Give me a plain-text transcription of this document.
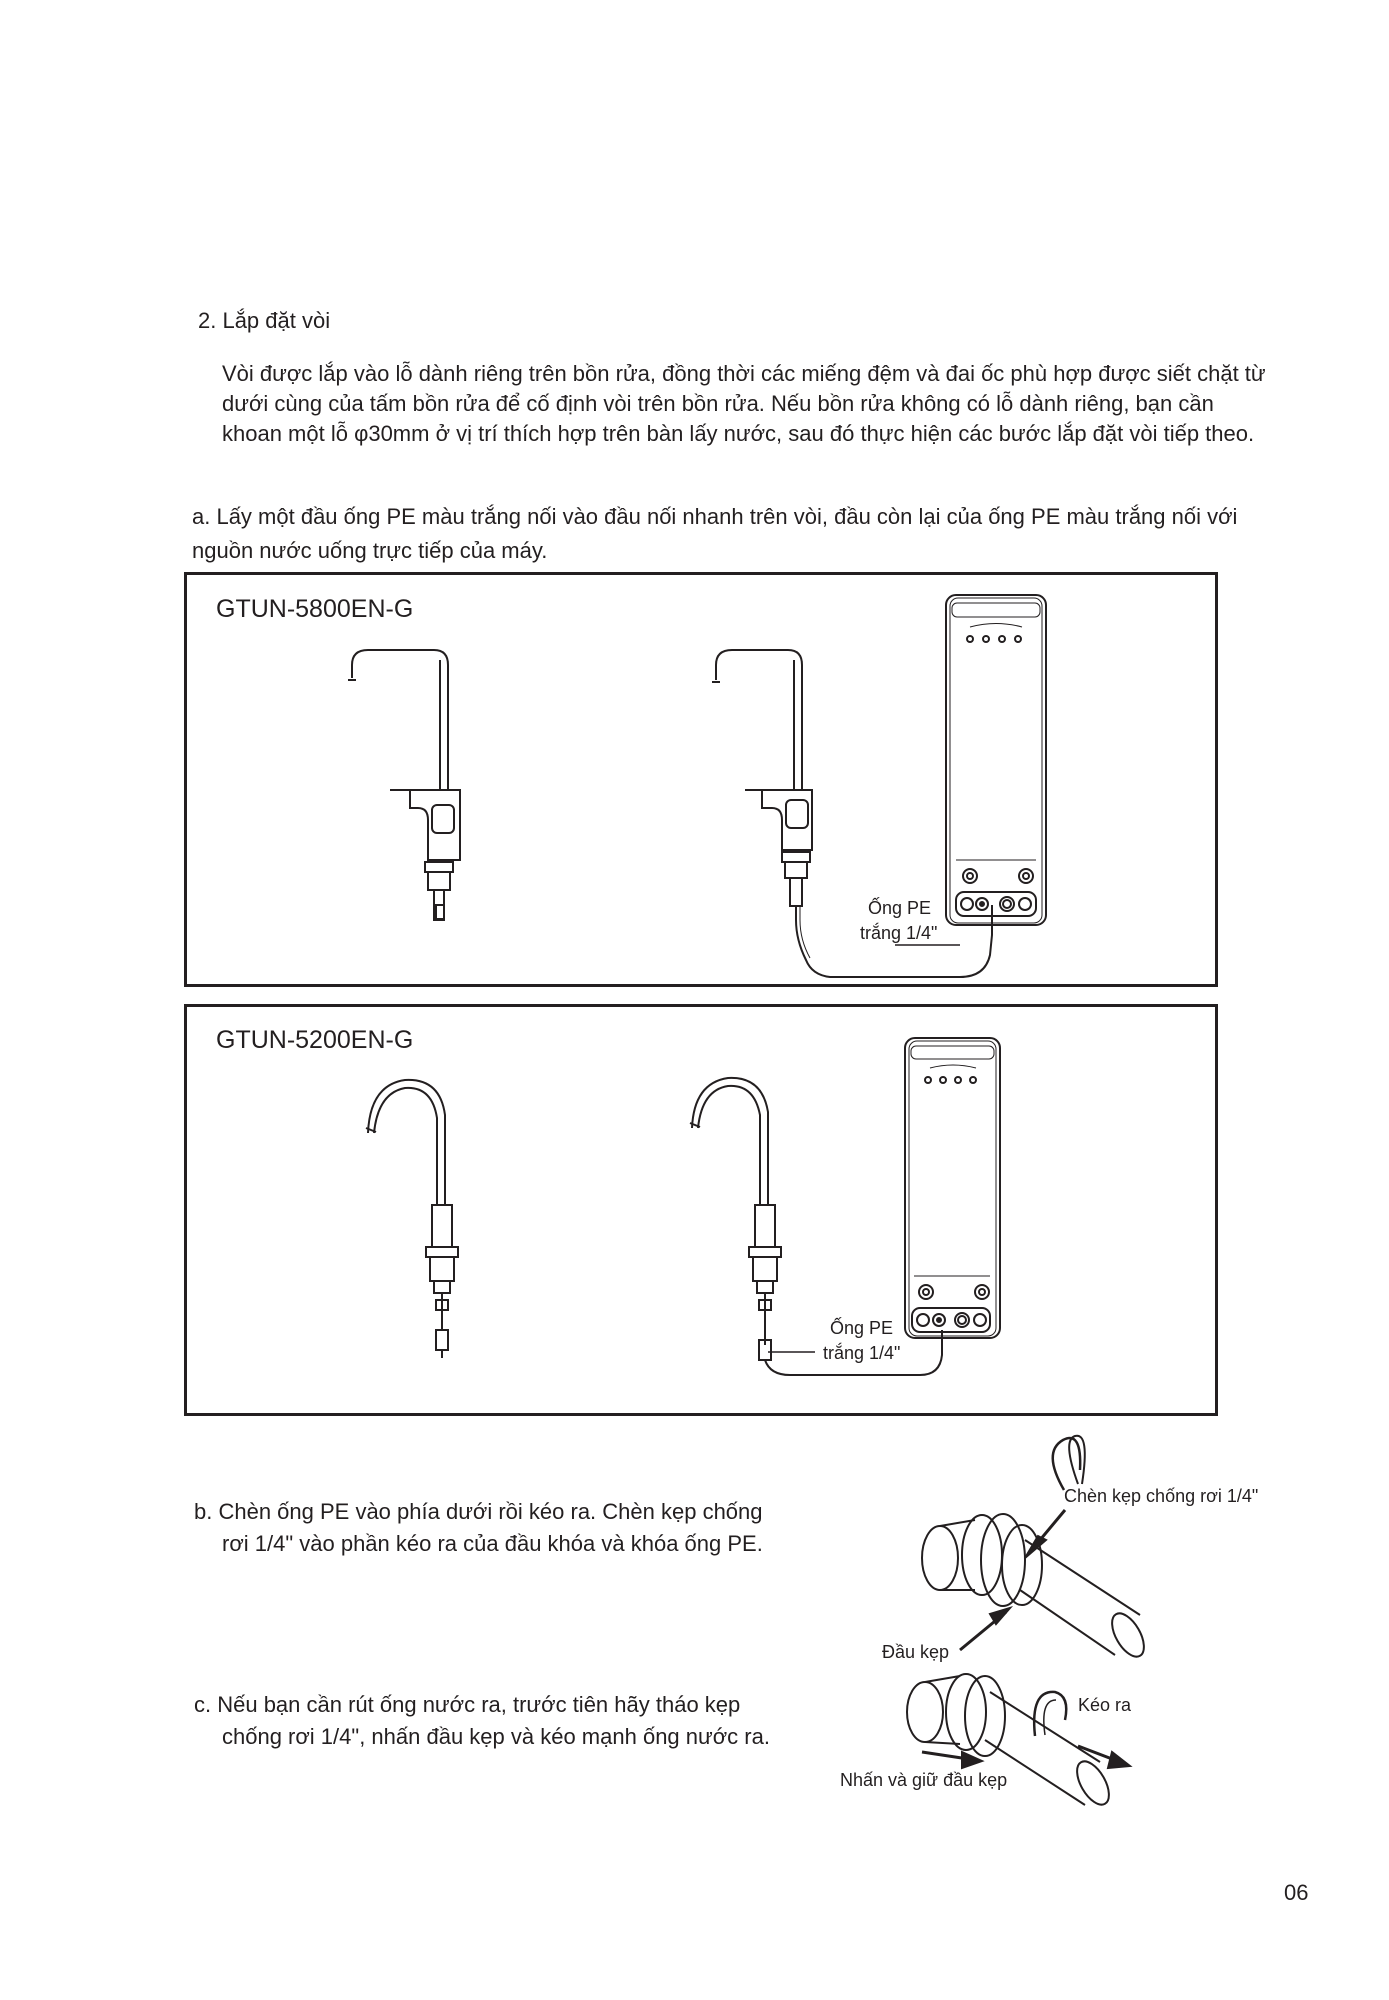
2. Lắp đặt vòi
Vòi được lắp vào lỗ dành riêng trên bồn rửa, đồng thời các miếng đệm và đai ốc phù hợp được siết chặt từ dưới cùng của tấm bồn rửa để cố định vòi trên bồn rửa. Nếu bồn rửa không có lỗ dành riêng, bạn cần khoan một lỗ φ30mm ở vị trí thích hợp trên bàn lấy nước, sau đó thực hiện các bước lắp đặt vòi tiếp theo.
a. Lấy một đầu ống PE màu trắng nối vào đầu nối nhanh trên vòi, đầu còn lại của ống PE màu trắng nối với nguồn nước uống trực tiếp của máy.
GTUN-5800EN-G
Ống PE
trắng 1/4"
GTUN-5200EN-G
Ống PE
trắng 1/4"
b. Chèn ống PE vào phía dưới rồi kéo ra. Chèn kẹp chống rơi 1/4" vào phần kéo ra của đầu khóa và khóa ống PE.
c. Nếu bạn cần rút ống nước ra, trước tiên hãy tháo kẹp chống rơi 1/4", nhấn đầu kẹp và kéo mạnh ống nước ra.
Chèn kẹp chống rơi 1/4"
Đầu kẹp
Kéo ra
Nhấn và giữ đầu kẹp
06
